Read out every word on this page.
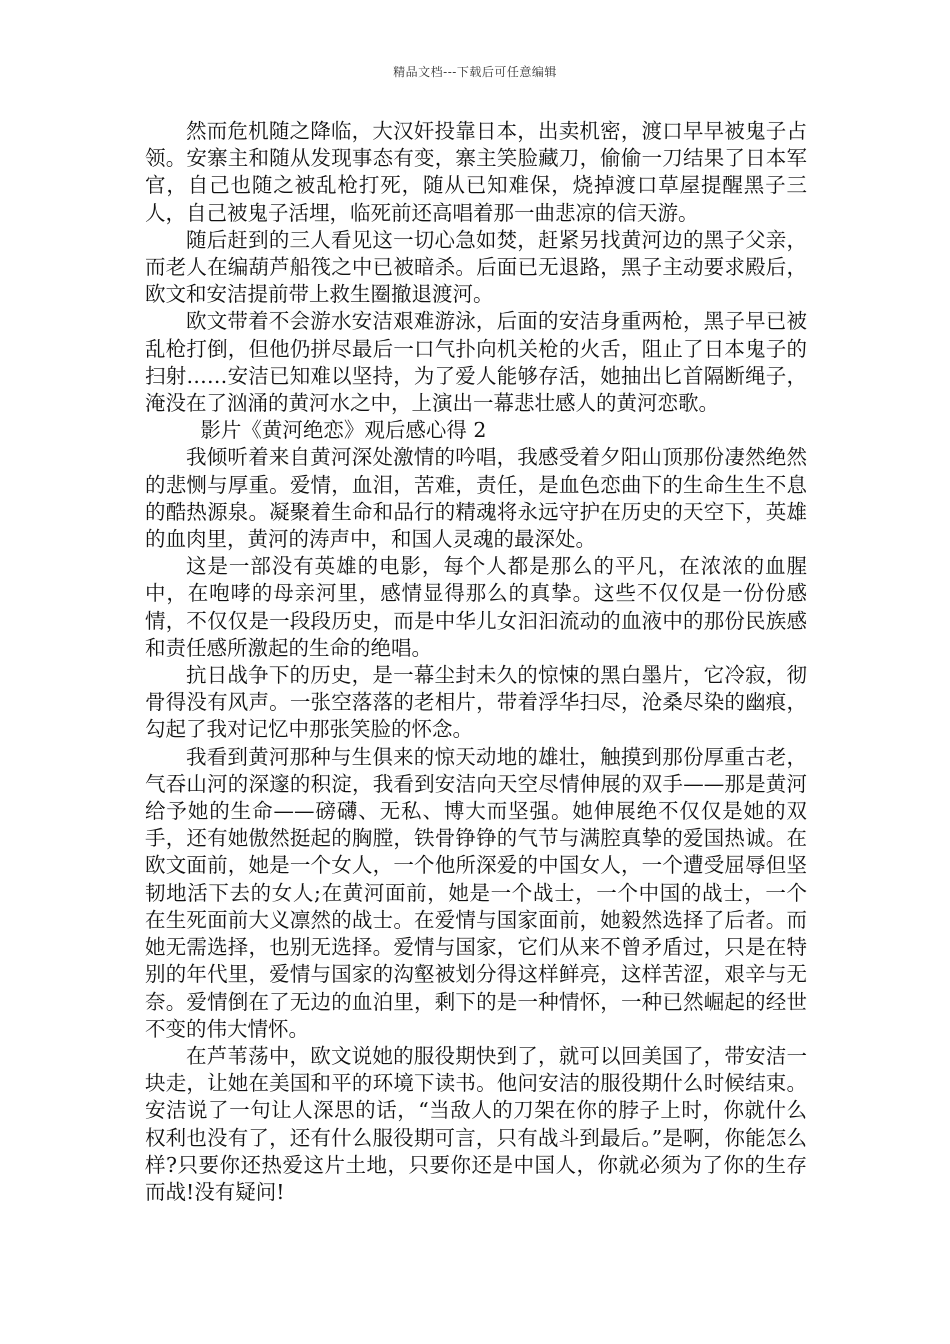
精品文档---下载后可任意编辑

然而危机随之降临，大汉奸投靠日本，出卖机密，渡口早早被鬼子占领。安寨主和随从发现事态有变，寨主笑脸藏刀，偷偷一刀结果了日本军官，自己也随之被乱枪打死，随从已知难保，烧掉渡口草屋提醒黑子三人，自己被鬼子活埋，临死前还高唱着那一曲悲凉的信天游。

随后赶到的三人看见这一切心急如焚，赶紧另找黄河边的黑子父亲，而老人在编葫芦船筏之中已被暗杀。后面已无退路，黑子主动要求殿后，欧文和安洁提前带上救生圈撤退渡河。

欧文带着不会游水安洁艰难游泳，后面的安洁身重两枪，黑子早已被乱枪打倒，但他仍拼尽最后一口气扑向机关枪的火舌，阻止了日本鬼子的扫射……安洁已知难以坚持，为了爱人能够存活，她抽出匕首隔断绳子，淹没在了汹涌的黄河水之中，上演出一幕悲壮感人的黄河恋歌。

影片《黄河绝恋》观后感心得 2

我倾听着来自黄河深处激情的吟唱，我感受着夕阳山顶那份凄然绝然的悲恻与厚重。爱情，血泪，苦难，责任，是血色恋曲下的生命生生不息的酷热源泉。凝聚着生命和品行的精魂将永远守护在历史的天空下，英雄的血肉里，黄河的涛声中，和国人灵魂的最深处。

这是一部没有英雄的电影，每个人都是那么的平凡，在浓浓的血腥中，在咆哮的母亲河里，感情显得那么的真挚。这些不仅仅是一份份感情，不仅仅是一段段历史，而是中华儿女汩汩流动的血液中的那份民族感和责任感所激起的生命的绝唱。

抗日战争下的历史，是一幕尘封未久的惊悚的黑白墨片，它冷寂，彻骨得没有风声。一张空落落的老相片，带着浮华扫尽，沧桑尽染的幽痕，勾起了我对记忆中那张笑脸的怀念。

我看到黄河那种与生俱来的惊天动地的雄壮，触摸到那份厚重古老，气吞山河的深邃的积淀，我看到安洁向天空尽情伸展的双手——那是黄河给予她的生命——磅礴、无私、博大而坚强。她伸展绝不仅仅是她的双手，还有她傲然挺起的胸膛，铁骨铮铮的气节与满腔真挚的爱国热诚。在欧文面前，她是一个女人，一个他所深爱的中国女人，一个遭受屈辱但坚韧地活下去的女人;在黄河面前，她是一个战士，一个中国的战士，一个在生死面前大义凛然的战士。在爱情与国家面前，她毅然选择了后者。而她无需选择，也别无选择。爱情与国家，它们从来不曾矛盾过，只是在特别的年代里，爱情与国家的沟壑被划分得这样鲜亮，这样苦涩，艰辛与无奈。爱情倒在了无边的血泊里，剩下的是一种情怀，一种已然崛起的经世不变的伟大情怀。

在芦苇荡中，欧文说她的服役期快到了，就可以回美国了，带安洁一块走，让她在美国和平的环境下读书。他问安洁的服役期什么时候结束。安洁说了一句让人深思的话，“当敌人的刀架在你的脖子上时，你就什么权利也没有了，还有什么服役期可言，只有战斗到最后。”是啊，你能怎么样?只要你还热爱这片土地，只要你还是中国人，你就必须为了你的生存而战!没有疑问!
